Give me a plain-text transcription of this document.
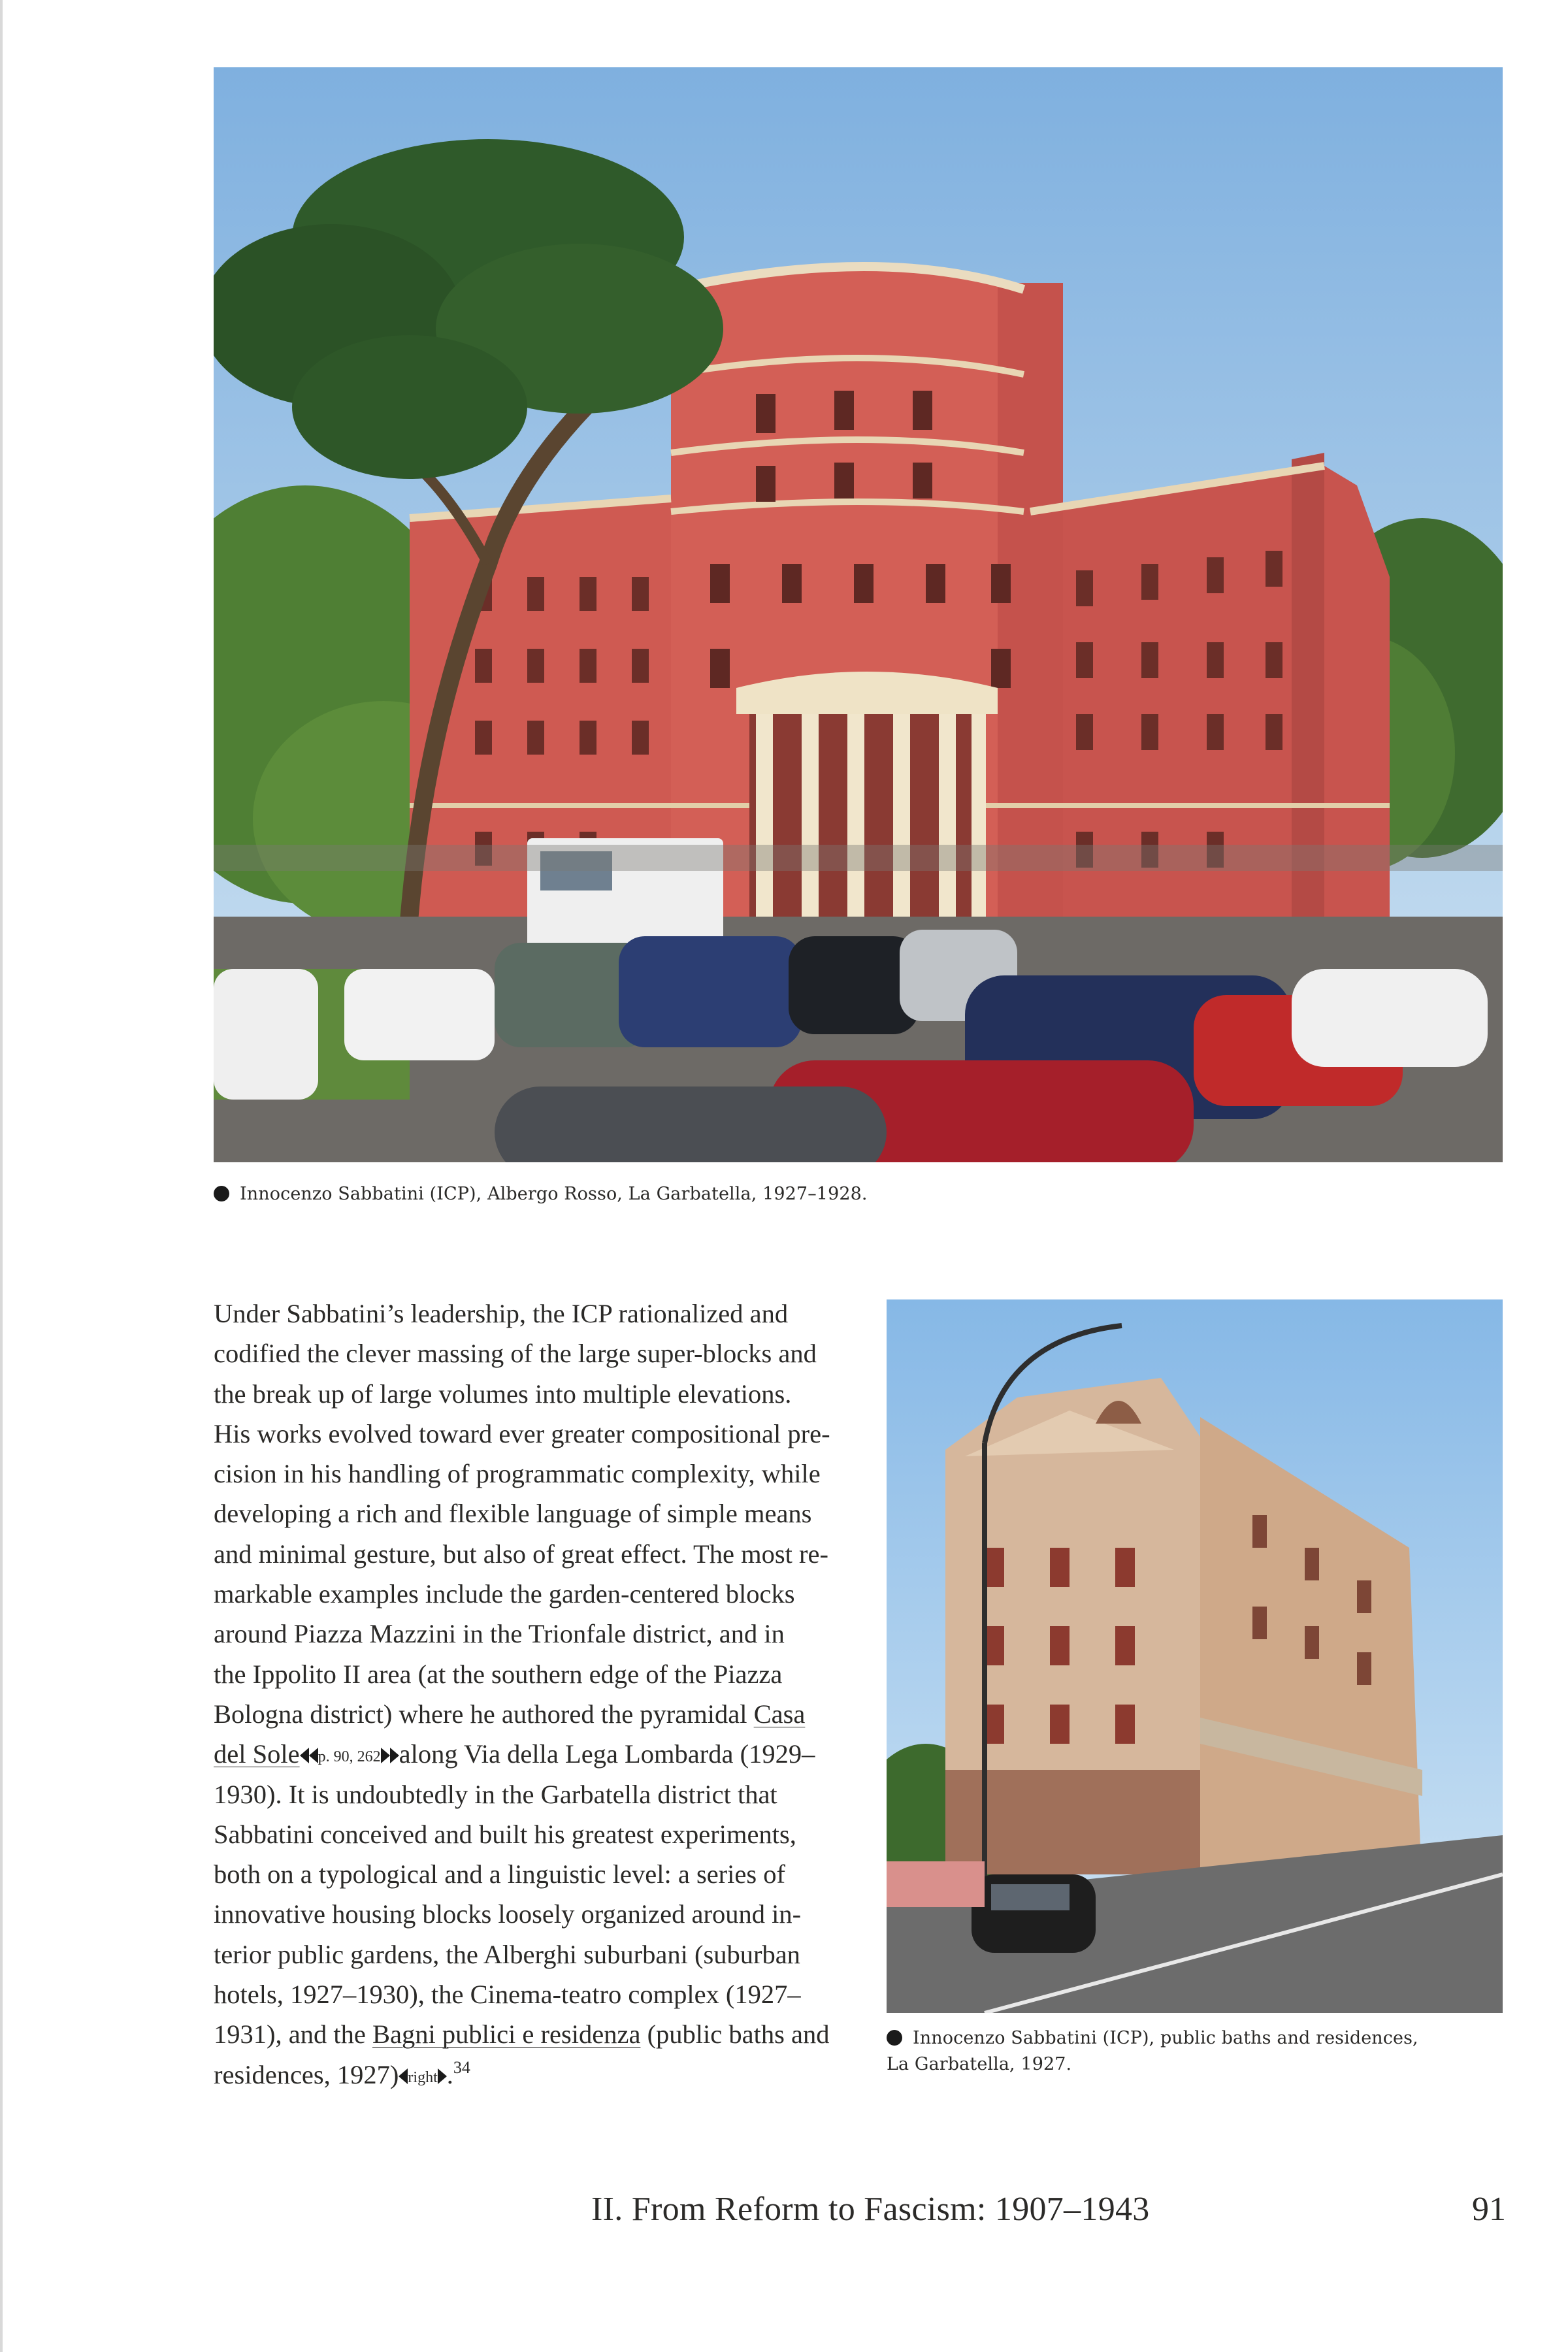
Innocenzo Sabbatini (ICP), Albergo Rosso, La Garbatella, 1927–1928.

Under Sabbatini’s leadership, the ICP rationalized and
codified the clever massing of the large super-blocks and
the break up of large volumes into multiple elevations.
His works evolved toward ever greater compositional pre-
cision in his handling of programmatic complexity, while
developing a rich and flexible language of simple means
and minimal gesture, but also of great effect. The most re-
markable examples include the garden-centered blocks
around Piazza Mazzini in the Trionfale district, and in
the Ippolito II area (at the southern edge of the Piazza
Bologna district) where he authored the pyramidal Casa
del Sole p. 90, 262 along Via della Lega Lombarda (1929–
1930). It is undoubtedly in the Garbatella district that
Sabbatini conceived and built his greatest experiments,
both on a typological and a linguistic level: a series of
innovative housing blocks loosely organized around in-
terior public gardens, the Alberghi suburbani (suburban
hotels, 1927–1930), the Cinema-teatro complex (1927–
1931), and the Bagni publici e residenza (public baths and
residences, 1927) right .$^{34}$

Innocenzo Sabbatini (ICP), public baths and residences,
La Garbatella, 1927.
II. From Reform to Fascism: 1907–1943	91
